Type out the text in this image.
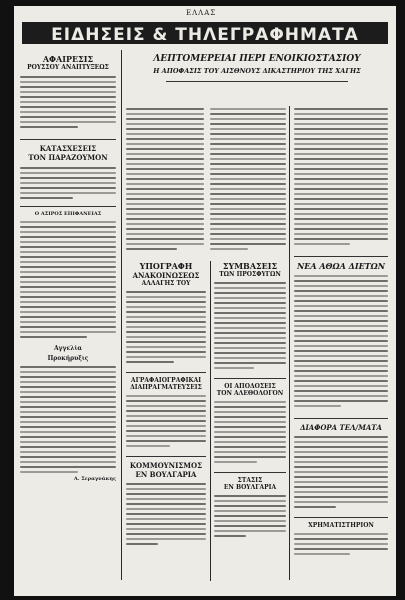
ΕΛΛΑΣ
ΕΙΔΗΣΕΙΣ & ΤΗΛΕΓΡΑΦΗΜΑΤΑ
ΑΦΑΙΡΕΣΙΣ
ΡΟΥΣΣΟΥ ΑΝΑΠΤΥΞΕΩΣ
ΚΑΤΑΣΧΕΣΕΙΣ
ΤΟΝ ΠΑΡΑΖΟΥΜΟΝ
Ο ΑΣΙΡΟΣ ΕΠΙΦΑΝΕΙΑΣ
Αγγελία
Προκήρυξις
Α. Σεραγνάκης
ΛΕΠΤΟΜΕΡΕΙΑΙ ΠΕΡΙ ΕΝΟΙΚΙΟΣΤΑΣΙΟΥ
Η ΑΠΟΦΑΣΙΣ ΤΟΥ ΑΙΣΘΝΟΥΣ ΔΙΚΑΣΤΗΡΙΟΥ ΤΗΣ ΧΑΓΗΣ
ΥΠΟΓΡΑΦΗ
ΑΝΑΚΟΙΝΩΣΕΩΣ
ΑΛΛΑΓΗΣ ΤΟΥ
ΑΓΡΑΦΑΙΟΓΡΑΦΙΚΑΙ
ΔΙΑΠΡΑΓΜΑΤΕΥΣΕΙΣ
ΚΟΜΜΟΥΝΙΣΜΟΣ
ΕΝ ΒΟΥΛΓΑΡΙΑ
ΣΥΜΒΑΣΕΙΣ
ΤΩΝ ΠΡΟΣΦΥΓΩΝ
ΟΙ ΑΠΟΔΟΣΕΙΣ
ΤΟΝ ΑΛΕΘΟΛΟΓΟΝ
ΣΤΑΣΙΣ
ΕΝ ΒΟΥΛΓΑΡΙΑ
ΝΕΑ ΑΘΩΑ ΔΙΕΤΩΝ
ΔΙΑΦΟΡΑ ΤΕΛ/ΜΑΤΑ
ΧΡΗΜΑΤΙΣΤΗΡΙΟΝ
